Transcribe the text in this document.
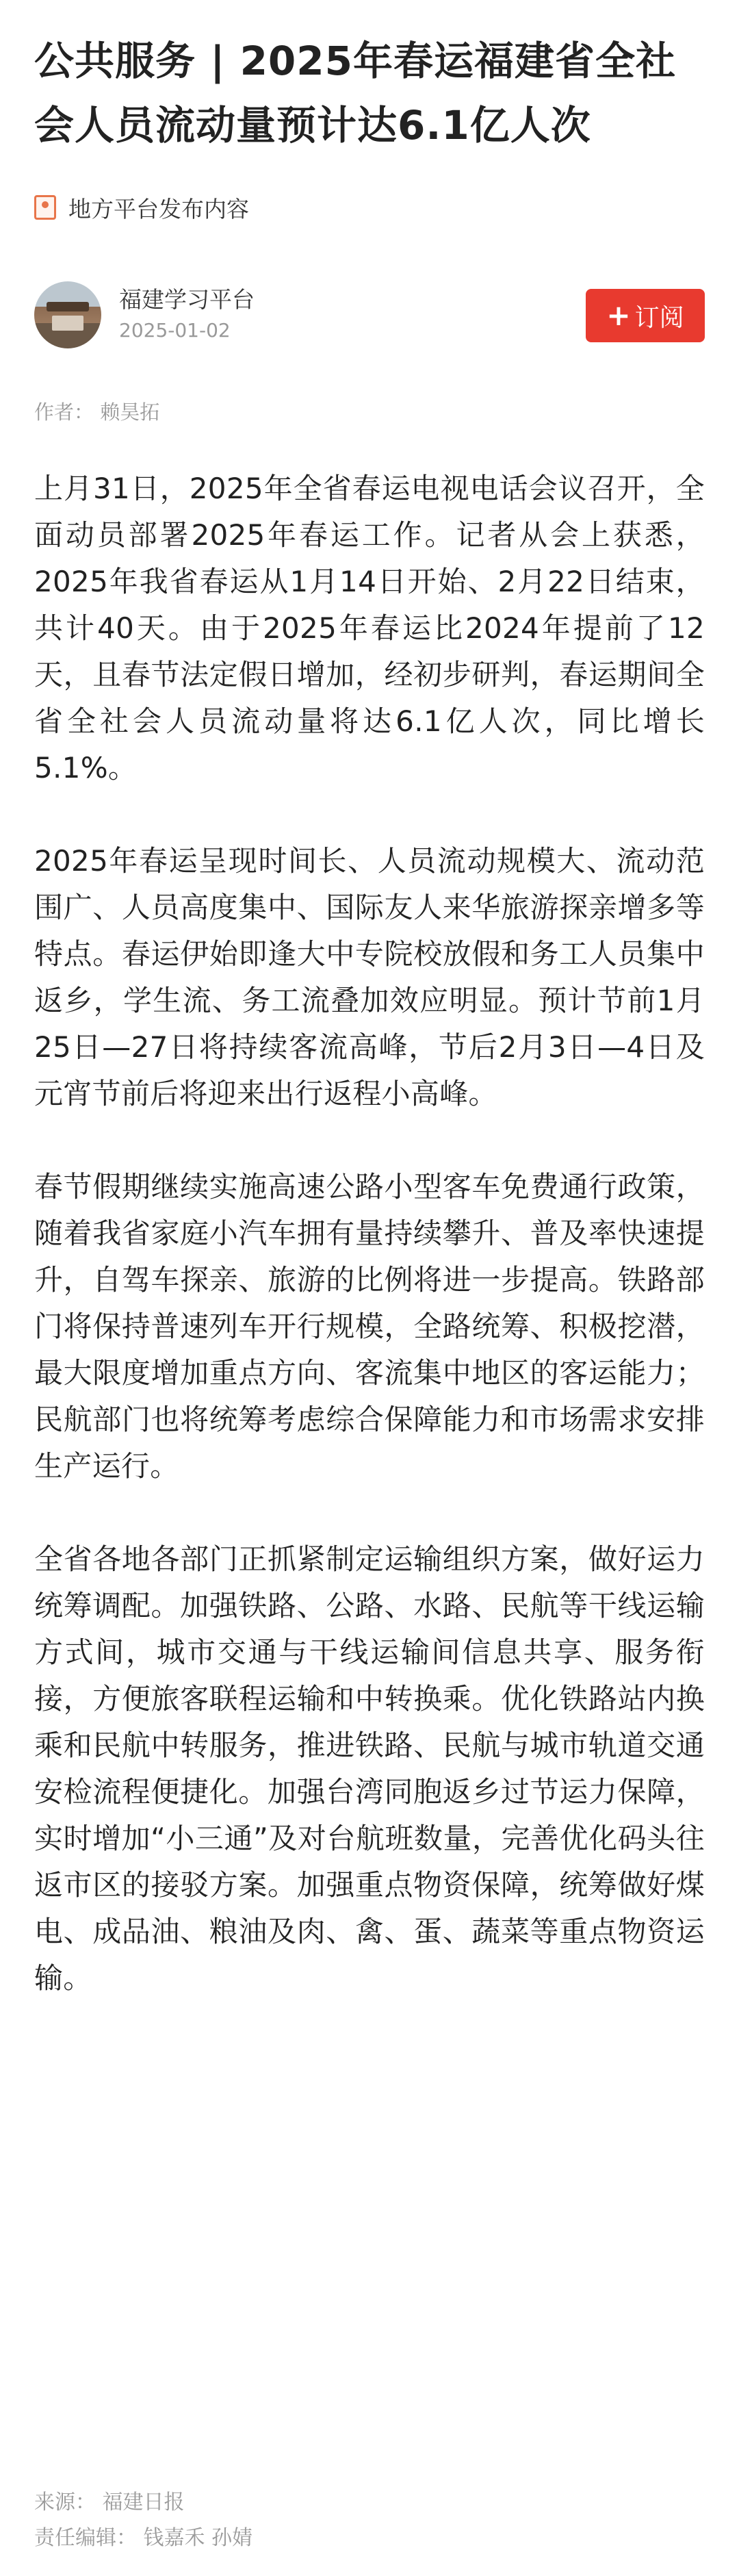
公共服务 | 2025年春运福建省全社会人员流动量预计达6.1亿人次
地方平台发布内容
福建学习平台
2025-01-02	+ 订阅
作者： 赖昊拓

上月31日，2025年全省春运电视电话会议召开，全面动员部署2025年春运工作。记者从会上获悉，2025年我省春运从1月14日开始、2月22日结束，共计40天。由于2025年春运比2024年提前了12天，且春节法定假日增加，经初步研判，春运期间全省全社会人员流动量将达6.1亿人次，同比增长5.1%。

2025年春运呈现时间长、人员流动规模大、流动范围广、人员高度集中、国际友人来华旅游探亲增多等特点。春运伊始即逢大中专院校放假和务工人员集中返乡，学生流、务工流叠加效应明显。预计节前1月25日—27日将持续客流高峰，节后2月3日—4日及元宵节前后将迎来出行返程小高峰。

春节假期继续实施高速公路小型客车免费通行政策，随着我省家庭小汽车拥有量持续攀升、普及率快速提升，自驾车探亲、旅游的比例将进一步提高。铁路部门将保持普速列车开行规模，全路统筹、积极挖潜，最大限度增加重点方向、客流集中地区的客运能力；民航部门也将统筹考虑综合保障能力和市场需求安排生产运行。

全省各地各部门正抓紧制定运输组织方案，做好运力统筹调配。加强铁路、公路、水路、民航等干线运输方式间，城市交通与干线运输间信息共享、服务衔接，方便旅客联程运输和中转换乘。优化铁路站内换乘和民航中转服务，推进铁路、民航与城市轨道交通安检流程便捷化。加强台湾同胞返乡过节运力保障，实时增加“小三通”及对台航班数量，完善优化码头往返市区的接驳方案。加强重点物资保障，统筹做好煤电、成品油、粮油及肉、禽、蛋、蔬菜等重点物资运输。

来源： 福建日报
责任编辑： 钱嘉禾 孙婧
